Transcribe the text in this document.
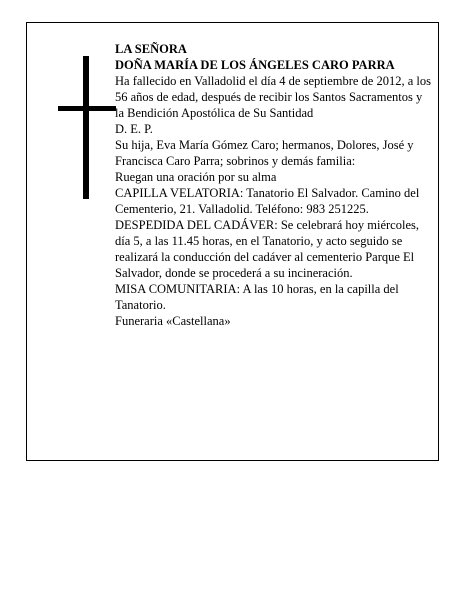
LA SEÑORA

DOÑA MARÍA DE LOS ÁNGELES CARO PARRA

Ha fallecido en Valladolid el día 4 de septiembre de 2012, a los 56 años de edad, después de recibir los Santos Sacramentos y la Bendición Apostólica de Su Santidad

D. E. P.

Su hija, Eva María Gómez Caro; hermanos, Dolores, José y Francisca Caro Parra; sobrinos y demás familia:

Ruegan una oración por su alma

CAPILLA VELATORIA: Tanatorio El Salvador. Camino del Cementerio, 21. Valladolid. Teléfono: 983 251225.

DESPEDIDA DEL CADÁVER: Se celebrará hoy miércoles, día 5, a las 11.45 horas, en el Tanatorio, y acto seguido se realizará la conducción del cadáver al cementerio Parque El Salvador, donde se procederá a su incineración.

MISA COMUNITARIA: A las 10 horas, en la capilla del Tanatorio.

Funeraria «Castellana»
